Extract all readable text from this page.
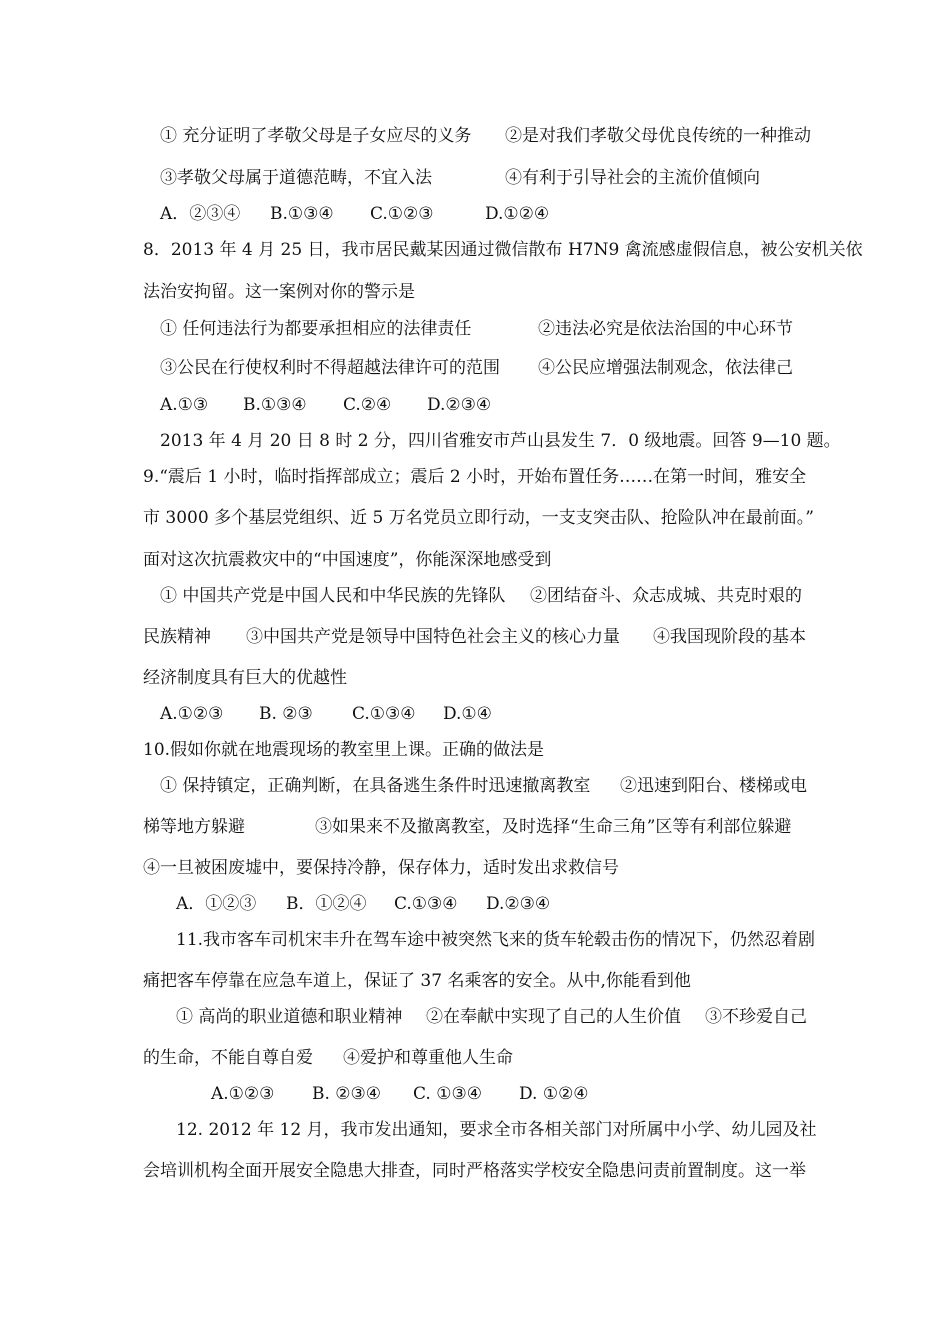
① 充分证明了孝敬父母是子女应尽的义务 ②是对我们孝敬父母优良传统的一种推动
③孝敬父母属于道德范畴，不宜入法	④有利于引导社会的主流价值倾向
A．②③④ B.①③④ C.①②③	D.①②④
8．2013 年 4 月 25 日，我市居民戴某因通过微信散布 H7N9 禽流感虚假信息，被公安机关依
法治安拘留。这一案例对你的警示是
① 任何违法行为都要承担相应的法律责任	②违法必究是依法治国的中心环节
③公民在行使权利时不得超越法律许可的范围 ④公民应增强法制观念，依法律己
A.①③ B.①③④ C.②④ D.②③④
2013 年 4 月 20 日 8 时 2 分，四川省雅安市芦山县发生 7．0 级地震。回答 9—10 题。
9.“震后 1 小时，临时指挥部成立；震后 2 小时，开始布置任务……在第一时间，雅安全
市 3000 多个基层党组织、近 5 万名党员立即行动，一支支突击队、抢险队冲在最前面。”
面对这次抗震救灾中的“中国速度”，你能深深地感受到
① 中国共产党是中国人民和中华民族的先锋队 ②团结奋斗、众志成城、共克时艰的
民族精神 ③中国共产党是领导中国特色社会主义的核心力量 ④我国现阶段的基本
经济制度具有巨大的优越性
A.①②③ B. ②③ C.①③④ D.①④
10.假如你就在地震现场的教室里上课。正确的做法是
① 保持镇定，正确判断，在具备逃生条件时迅速撤离教室 ②迅速到阳台、楼梯或电
梯等地方躲避	③如果来不及撤离教室，及时选择“生命三角”区等有利部位躲避
④一旦被困废墟中，要保持冷静，保存体力，适时发出求救信号
A．①②③ B．①②④ C.①③④ D.②③④
11.我市客车司机宋丰升在驾车途中被突然飞来的货车轮毂击伤的情况下，仍然忍着剧
痛把客车停靠在应急车道上，保证了 37 名乘客的安全。从中,你能看到他
① 高尚的职业道德和职业精神 ②在奉献中实现了自己的人生价值 ③不珍爱自己
的生命，不能自尊自爱 ④爱护和尊重他人生命
A.①②③ B. ②③④ C. ①③④ D. ①②④
12. 2012 年 12 月，我市发出通知，要求全市各相关部门对所属中小学、幼儿园及社
会培训机构全面开展安全隐患大排查，同时严格落实学校安全隐患问责前置制度。这一举
